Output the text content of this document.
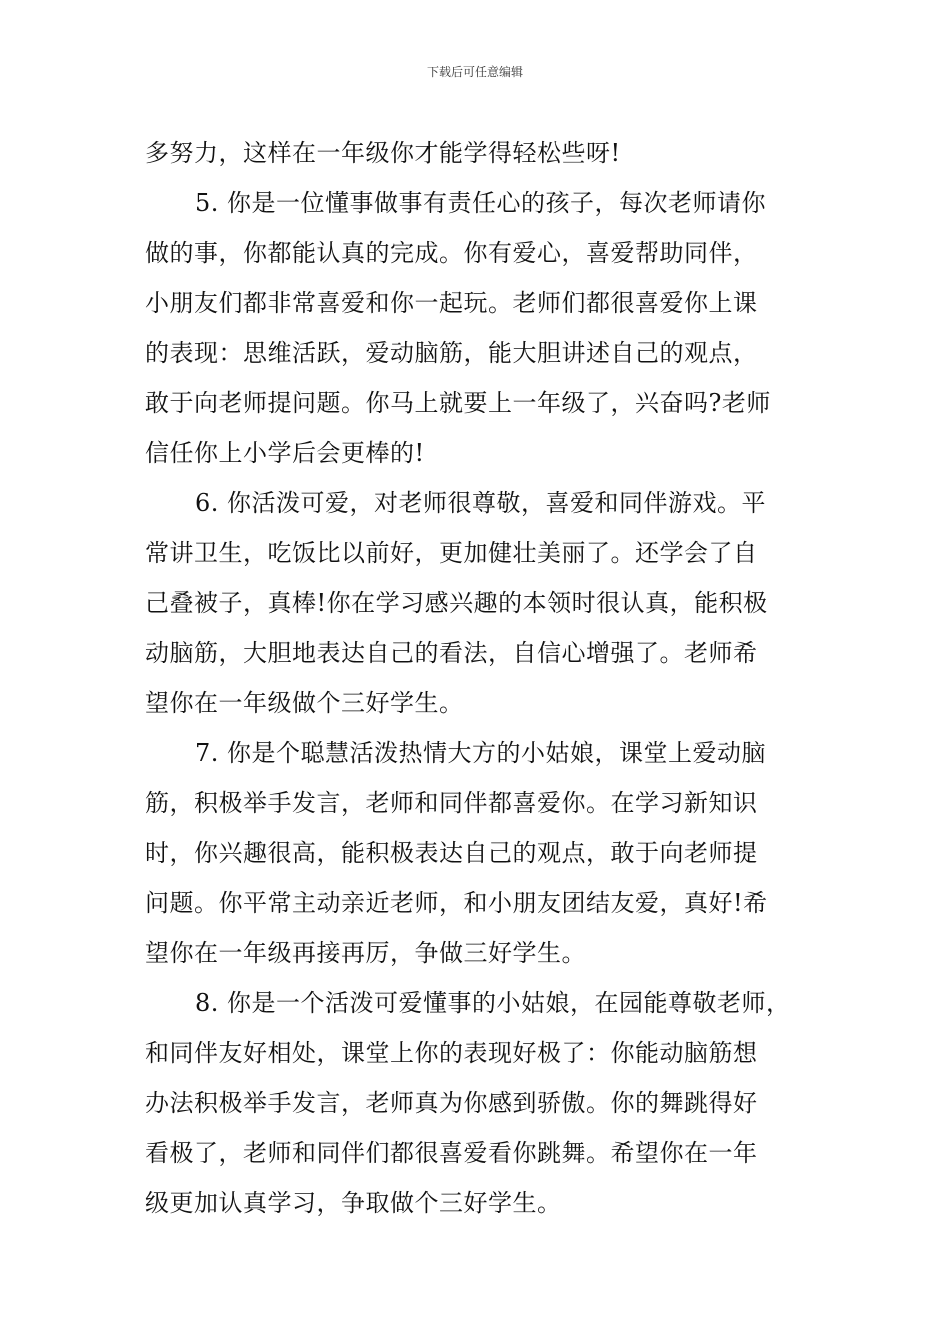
下载后可任意编辑
多努力，这样在一年级你才能学得轻松些呀!
5. 你是一位懂事做事有责任心的孩子，每次老师请你
做的事，你都能认真的完成。你有爱心，喜爱帮助同伴，
小朋友们都非常喜爱和你一起玩。老师们都很喜爱你上课
的表现：思维活跃，爱动脑筋，能大胆讲述自己的观点，
敢于向老师提问题。你马上就要上一年级了，兴奋吗?老师
信任你上小学后会更棒的!
6. 你活泼可爱，对老师很尊敬，喜爱和同伴游戏。平
常讲卫生，吃饭比以前好，更加健壮美丽了。还学会了自
己叠被子，真棒!你在学习感兴趣的本领时很认真，能积极
动脑筋，大胆地表达自己的看法，自信心增强了。老师希
望你在一年级做个三好学生。
7. 你是个聪慧活泼热情大方的小姑娘，课堂上爱动脑
筋，积极举手发言，老师和同伴都喜爱你。在学习新知识
时，你兴趣很高，能积极表达自己的观点，敢于向老师提
问题。你平常主动亲近老师，和小朋友团结友爱，真好!希
望你在一年级再接再厉，争做三好学生。
8. 你是一个活泼可爱懂事的小姑娘，在园能尊敬老师，
和同伴友好相处，课堂上你的表现好极了：你能动脑筋想
办法积极举手发言，老师真为你感到骄傲。你的舞跳得好
看极了，老师和同伴们都很喜爱看你跳舞。希望你在一年
级更加认真学习，争取做个三好学生。
